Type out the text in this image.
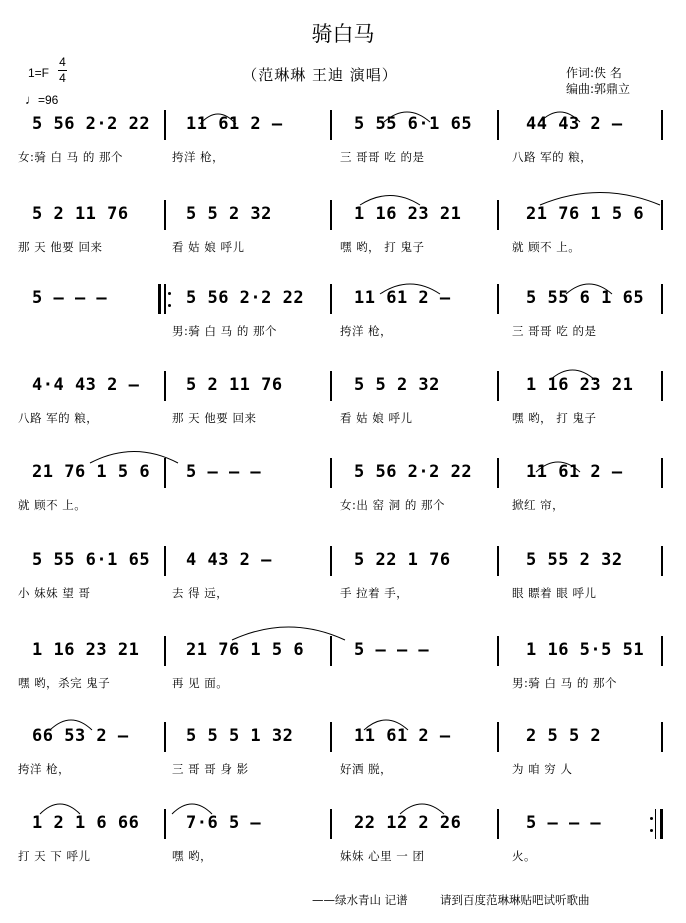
骑白马
（范琳琳 王迪 演唱）
1=F
4
4
♩=96
作词:佚 名
编曲:郭鼎立
5 56 2·2 22
女:骑 白 马 的 那个
11 61 2 –
挎洋 枪，
5 55 6·1 65
三 哥哥 吃 的是
44 43 2 –
八路 军的 粮，
5 2 11 76
那 天 他要 回来
5 5 2 32
看 姑 娘 呼儿
1 16 23 21
嘿 哟， 打 鬼子
21 76 1 5 6
就 顾不 上。
5 – – –	5 56 2·2 22
男:骑 白 马 的 那个
11 61 2 –
挎洋 枪，
5 55 6 1 65
三 哥哥 吃 的是
4·4 43 2 –
八路 军的 粮，
5 2 11 76
那 天 他要 回来
5 5 2 32
看 姑 娘 呼儿
1 16 23 21
嘿 哟， 打 鬼子
21 76 1 5 6
就 顾不 上。
5 – – –	5 56 2·2 22
女:出 窑 洞 的 那个
11 61 2 –
掀红 帘，
5 55 6·1 65
小 妹妹 望 哥
4 43 2 –
去 得 远，
5 22 1 76
手 拉着 手，
5 55 2 32
眼 瞟着 眼 呼儿
1 16 23 21
嘿 哟，杀完 鬼子
21 76 1 5 6
再 见 面。
5 – – –	1 16 5·5 51
男:骑 白 马 的 那个
66 53 2 –
挎洋 枪，
5 5 5 1 32
三 哥 哥 身 影
11 61 2 –
好洒 脱，
2 5 5 2
为 咱 穷 人
1 2 1 6 66
打 天 下 呼儿
7·6 5 –
嘿 哟，
22 12 2 26
妹妹 心里 一 团
5 – – –
火。
——绿水青山 记谱	请到百度范琳琳贴吧试听歌曲
